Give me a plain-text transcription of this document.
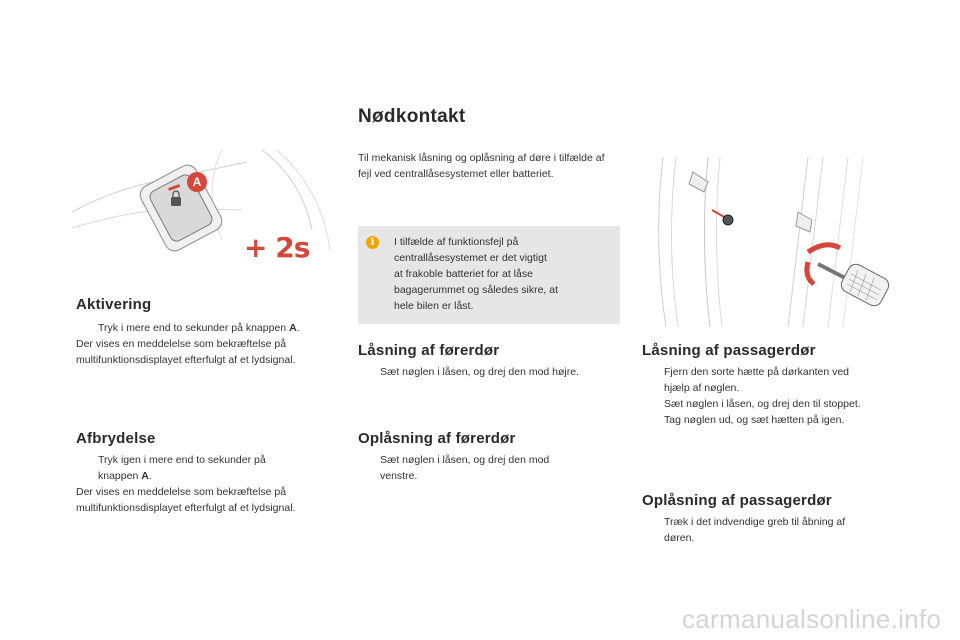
A
+ 2s
Aktivering
Tryk i mere end to sekunder på knappen A.
Der vises en meddelelse som bekræftelse på
multifunktionsdisplayet efterfulgt af et lydsignal.
Afbrydelse
Tryk igen i mere end to sekunder på
knappen A.
Der vises en meddelelse som bekræftelse på
multifunktionsdisplayet efterfulgt af et lydsignal.
Nødkontakt
Til mekanisk låsning og oplåsning af døre i tilfælde af fejl ved centrallåsesystemet eller batteriet.
i	I tilfælde af funktionsfejl på
centrallåsesystemet er det vigtigt
at frakoble batteriet for at låse
bagagerummet og således sikre, at
hele bilen er låst.
Låsning af førerdør
Sæt nøglen i låsen, og drej den mod højre.
Oplåsning af førerdør
Sæt nøglen i låsen, og drej den mod
venstre.
Låsning af passagerdør
Fjern den sorte hætte på dørkanten ved
hjælp af nøglen.
Sæt nøglen i låsen, og drej den til stoppet.
Tag nøglen ud, og sæt hætten på igen.
Oplåsning af passagerdør
Træk i det indvendige greb til åbning af
døren.
carmanualsonline.info
